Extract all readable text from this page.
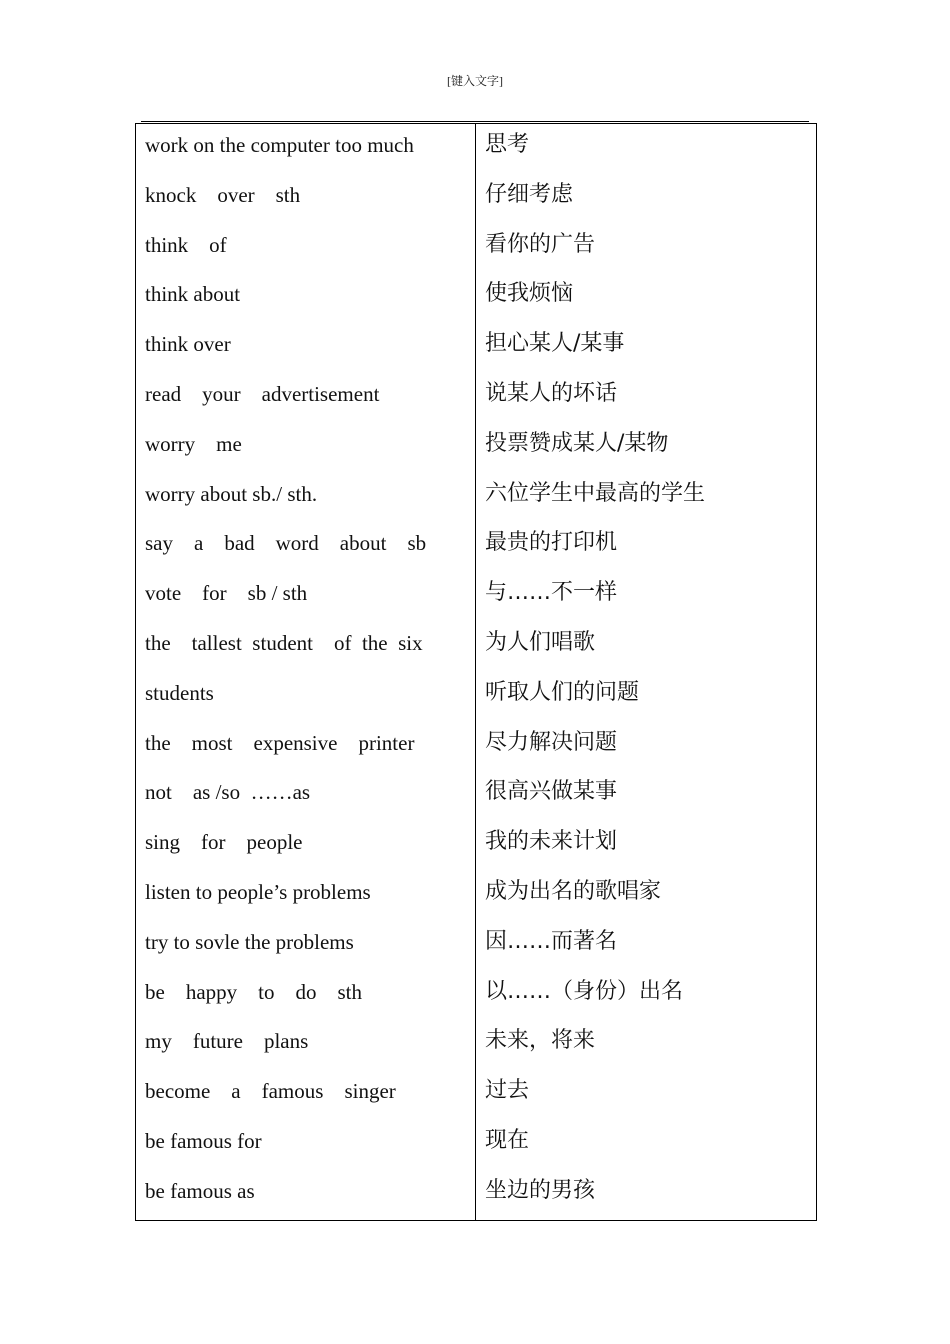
[键入文字]
work on the computer too much
knock    over    sth
think    of
think about
think over
read    your    advertisement
worry    me
worry about sb./ sth.
say    a    bad    word    about    sb
vote    for    sb / sth
the    tallest  student    of  the  six
students
the    most    expensive    printer
not    as /so  ……as
sing    for    people
listen to people’s problems
try to sovle the problems
be    happy    to    do    sth
my    future    plans
become    a    famous    singer
be famous for
be famous as
思考
仔细考虑
看你的广告
使我烦恼
担心某人/某事
说某人的坏话
投票赞成某人/某物
六位学生中最高的学生
最贵的打印机
与……不一样
为人们唱歌
听取人们的问题
尽力解决问题
很高兴做某事
我的未来计划
成为出名的歌唱家
因……而著名
以……（身份）出名
未来，将来
过去
现在
坐边的男孩
